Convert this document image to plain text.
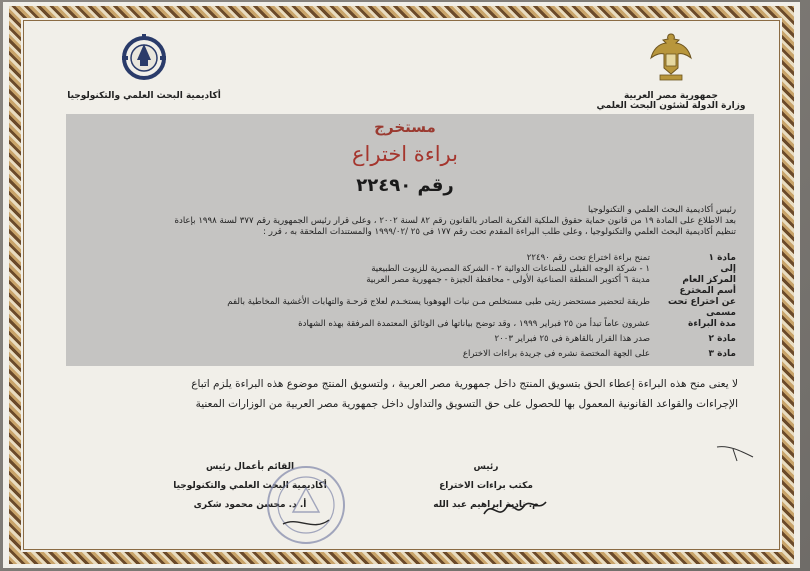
جمهورية مصر العربية
وزارة الدولة لشئون البحث العلمي
أكاديمية البحث العلمي والتكنولوجيا
مستخرج
براءة اختراع
رقم ٢٢٤٩٠
رئيس أكاديمية البحث العلمي و التكنولوجيا
بعد الاطلاع على المادة ١٩ من قانون حماية حقوق الملكية الفكرية الصادر بالقانون رقم ٨٢ لسنة ٢٠٠٢ ، وعلى قرار رئيس الجمهورية رقم ٣٧٧ لسنة ١٩٩٨ بإعادة
تنظيم أكاديمية البحث العلمي والتكنولوجيا ، وعلى طلب البراءة المقدم تحت رقم ١٧٧ فى ٢٥ /١٩٩٩/٠٢ والمستندات الملحقة به ، قرر :
مادة ١
تمنح براءة اختراع تحت رقم ٢٢٤٩٠
إلى
١ - شركة الوجه القبلى للصناعات الدوائية ٢ - الشركة المصرية للزيوت الطبيعية
المركز العام
مدينة ٦ أكتوبر المنطقة الصناعية الأولى - محافظة الجيزة - جمهورية مصر العربية
أسم المخترع
عن اختراع تحت مسمى
طريقة لتحضير مستحضر زيتى طبى مستخلص مـن نبات الهوهوبا يستخـدم لعلاج قرحـة والتهابات الأغشية المخاطية بالفم
مدة البراءة
عشرون عاماً تبدأ من ٢٥ فبراير ١٩٩٩ ، وقد توضح بياناتها فى الوثائق المعتمدة المرفقة بهذه الشهادة
مادة ٢
صدر هذا القرار بالقاهرة فى ٢٥ فبراير ٢٠٠٣
مادة ٣
على الجهة المختصة نشره فى جريدة براءات الاختراع
لا يعنى منح هذه البراءة إعطاء الحق بتسويق المنتج داخل جمهورية مصر العربية ، ولتسويق المنتج موضوع هذه البراءة يلزم اتباع
الإجراءات والقواعد القانونية المعمول بها للحصول على حق التسويق والتداول داخل جمهورية مصر العربية من الوزارات المعنية
رئيس
مكتب براءات الاختراع
م. نادية ابراهيم عبد الله
القائم بأعمال رئيس
أكاديمية البحث العلمي والتكنولوجيا
أ. د. محسن محمود شكرى
